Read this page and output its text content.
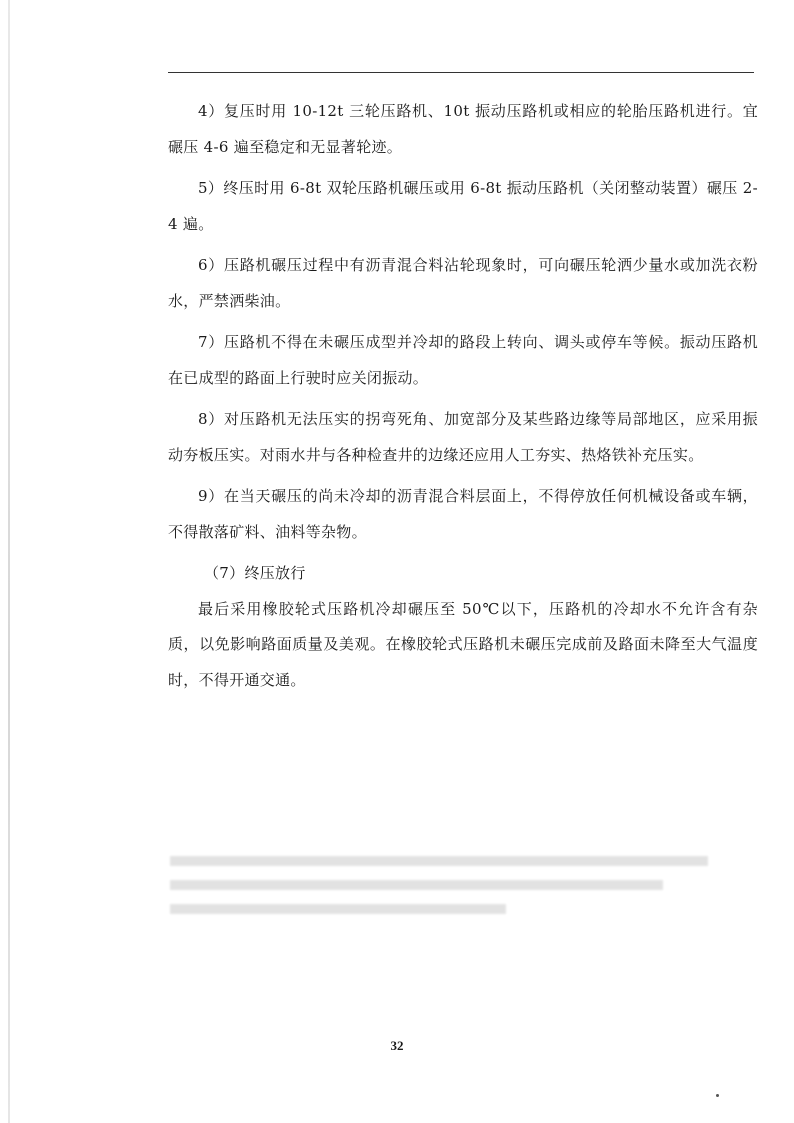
4）复压时用 10-12t 三轮压路机、10t 振动压路机或相应的轮胎压路机进行。宜碾压 4-6 遍至稳定和无显著轮迹。

5）终压时用 6-8t 双轮压路机碾压或用 6-8t 振动压路机（关闭整动装置）碾压 2-4 遍。

6）压路机碾压过程中有沥青混合料沾轮现象时，可向碾压轮洒少量水或加洗衣粉水，严禁洒柴油。

7）压路机不得在未碾压成型并冷却的路段上转向、调头或停车等候。振动压路机在已成型的路面上行驶时应关闭振动。

8）对压路机无法压实的拐弯死角、加宽部分及某些路边缘等局部地区，应采用振动夯板压实。对雨水井与各种检查井的边缘还应用人工夯实、热烙铁补充压实。

9）在当天碾压的尚未冷却的沥青混合料层面上，不得停放任何机械设备或车辆，不得散落矿料、油料等杂物。

（7）终压放行

最后采用橡胶轮式压路机冷却碾压至 50℃以下，压路机的冷却水不允许含有杂质，以免影响路面质量及美观。在橡胶轮式压路机未碾压完成前及路面未降至大气温度时，不得开通交通。

32
